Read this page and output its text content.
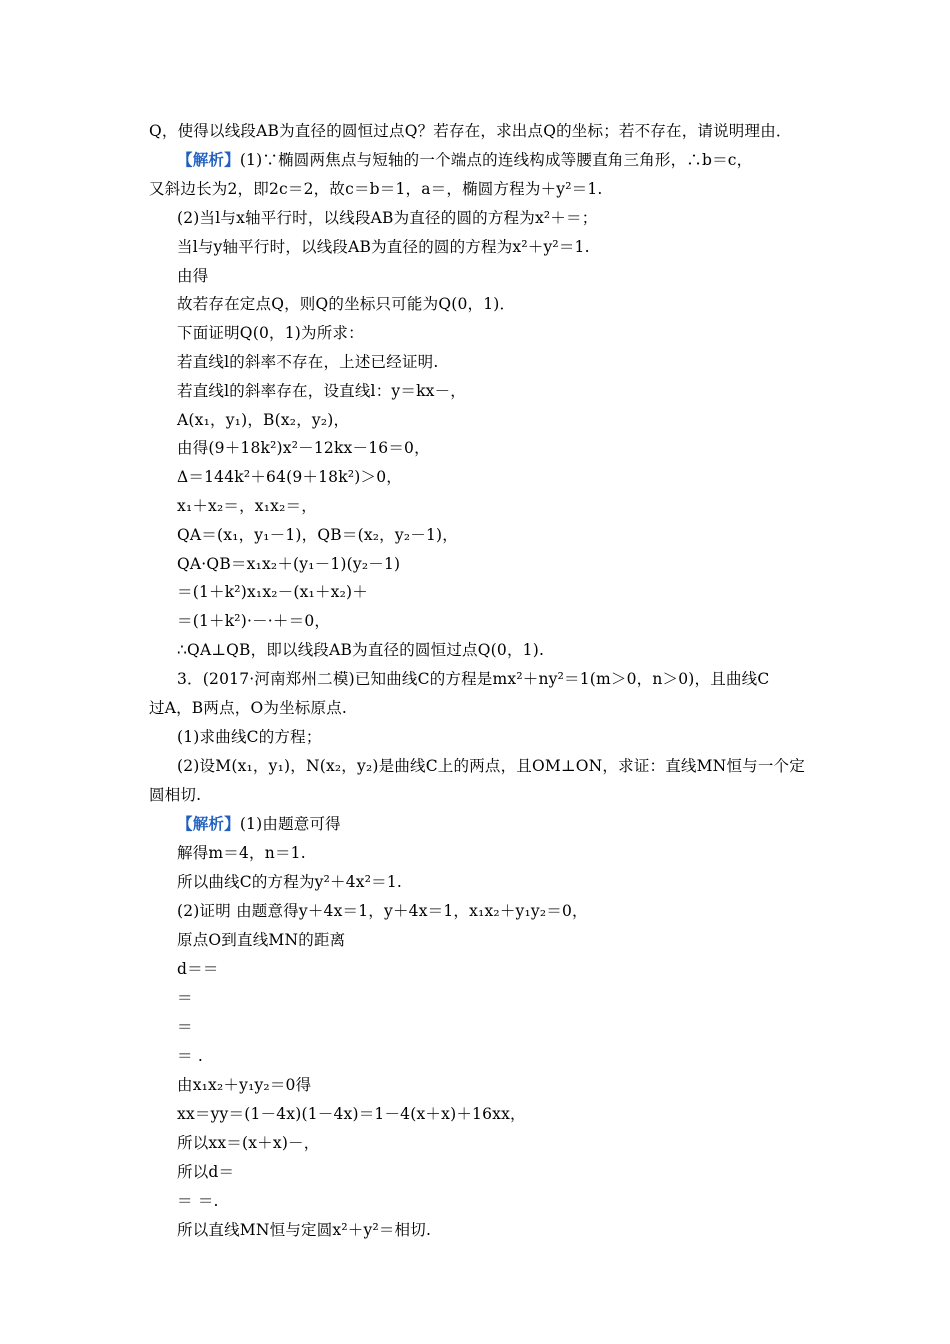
Q，使得以线段AB为直径的圆恒过点Q？若存在，求出点Q的坐标；若不存在，请说明理由．
【解析】(1)∵椭圆两焦点与短轴的一个端点的连线构成等腰直角三角形，∴b＝c，
又斜边长为2，即2c＝2，故c＝b＝1，a＝，椭圆方程为＋y²＝1.
(2)当l与x轴平行时，以线段AB为直径的圆的方程为x²＋＝；
当l与y轴平行时，以线段AB为直径的圆的方程为x²＋y²＝1.
由得
故若存在定点Q，则Q的坐标只可能为Q(0，1)．
下面证明Q(0，1)为所求：
若直线l的斜率不存在，上述已经证明.
若直线l的斜率存在，设直线l：y＝kx－，
A(x₁，y₁)，B(x₂，y₂)，
由得(9＋18k²)x²－12kx－16＝0，
Δ＝144k²＋64(9＋18k²)＞0，
x₁＋x₂＝，x₁x₂＝，
QA＝(x₁，y₁－1)，QB＝(x₂，y₂－1)，
QA·QB＝x₁x₂＋(y₁－1)(y₂－1)
＝(1＋k²)x₁x₂－(x₁＋x₂)＋
＝(1＋k²)·－·＋＝0，
∴QA⊥QB，即以线段AB为直径的圆恒过点Q(0，1).
3．(2017·河南郑州二模)已知曲线C的方程是mx²＋ny²＝1(m＞0，n＞0)，且曲线C
过A，B两点，O为坐标原点.
(1)求曲线C的方程；
(2)设M(x₁，y₁)，N(x₂，y₂)是曲线C上的两点，且OM⊥ON，求证：直线MN恒与一个定
圆相切.
【解析】(1)由题意可得
解得m＝4，n＝1.
所以曲线C的方程为y²＋4x²＝1.
(2)证明 由题意得y＋4x＝1，y＋4x＝1，x₁x₂＋y₁y₂＝0，
原点O到直线MN的距离
d＝＝
＝
＝
＝ .
由x₁x₂＋y₁y₂＝0得
xx＝yy＝(1－4x)(1－4x)＝1－4(x＋x)＋16xx，
所以xx＝(x＋x)－，
所以d＝
＝ ＝.
所以直线MN恒与定圆x²＋y²＝相切.
